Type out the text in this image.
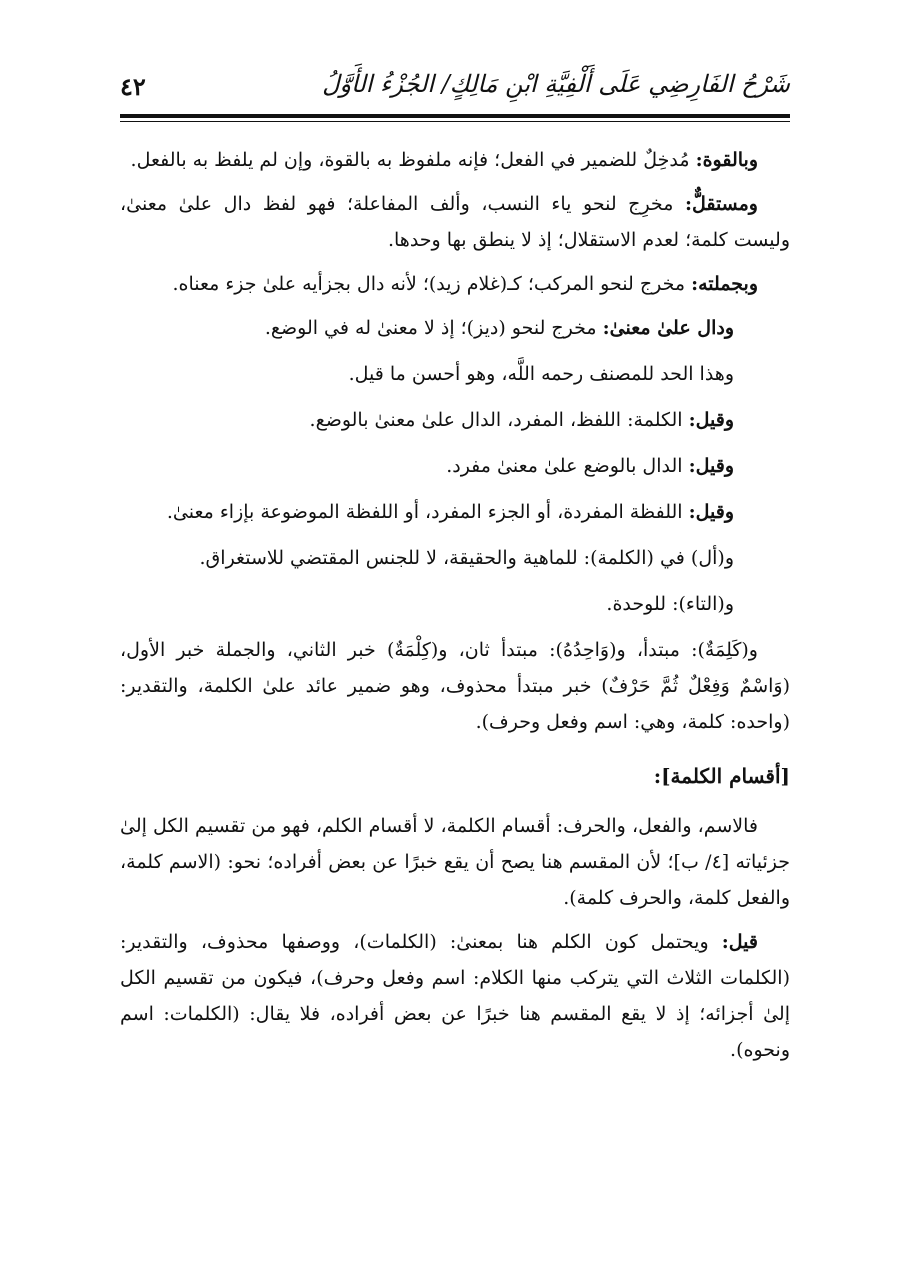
شَرْحُ الفَارِضِي عَلَى أَلْفِيَّةِ ابْنِ مَالِكٍ/ الجُزْءُ الأَوَّلُ
٤٢

وبالقوة: مُدخِلٌ للضمير في الفعل؛ فإنه ملفوظ به بالقوة، وإن لم يلفظ به بالفعل.

ومستقلٌّ: مخرِج لنحو ياء النسب، وألف المفاعلة؛ فهو لفظ دال علىٰ معنىٰ، وليست كلمة؛ لعدم الاستقلال؛ إذ لا ينطق بها وحدها.

وبجملته: مخرج لنحو المركب؛ كـ(غلام زيد)؛ لأنه دال بجزأيه علىٰ جزء معناه.

ودال علىٰ معنىٰ: مخرج لنحو (ديز)؛ إذ لا معنىٰ له في الوضع.

وهذا الحد للمصنف رحمه اللَّه، وهو أحسن ما قيل.

وقيل: الكلمة: اللفظ، المفرد، الدال علىٰ معنىٰ بالوضع.

وقيل: الدال بالوضع علىٰ معنىٰ مفرد.

وقيل: اللفظة المفردة، أو الجزء المفرد، أو اللفظة الموضوعة بإزاء معنىٰ.

و(أل) في (الكلمة): للماهية والحقيقة، لا للجنس المقتضي للاستغراق.

و(التاء): للوحدة.

و(كَلِمَةٌ): مبتدأ، و(وَاحِدُهُ): مبتدأ ثان، و(كِلْمَةٌ) خبر الثاني، والجملة خبر الأول، (وَاسْمٌ وَفِعْلٌ ثُمَّ حَرْفٌ) خبر مبتدأ محذوف، وهو ضمير عائد علىٰ الكلمة، والتقدير: (واحده: كلمة، وهي: اسم وفعل وحرف).

[أقسام الكلمة]:

فالاسم، والفعل، والحرف: أقسام الكلمة، لا أقسام الكلم، فهو من تقسيم الكل إلىٰ جزئياته [٤/ ب]؛ لأن المقسم هنا يصح أن يقع خبرًا عن بعض أفراده؛ نحو: (الاسم كلمة، والفعل كلمة، والحرف كلمة).

قيل: ويحتمل كون الكلم هنا بمعنىٰ: (الكلمات)، ووصفها محذوف، والتقدير: (الكلمات الثلاث التي يتركب منها الكلام: اسم وفعل وحرف)، فيكون من تقسيم الكل إلىٰ أجزائه؛ إذ لا يقع المقسم هنا خبرًا عن بعض أفراده، فلا يقال: (الكلمات: اسم ونحوه).
